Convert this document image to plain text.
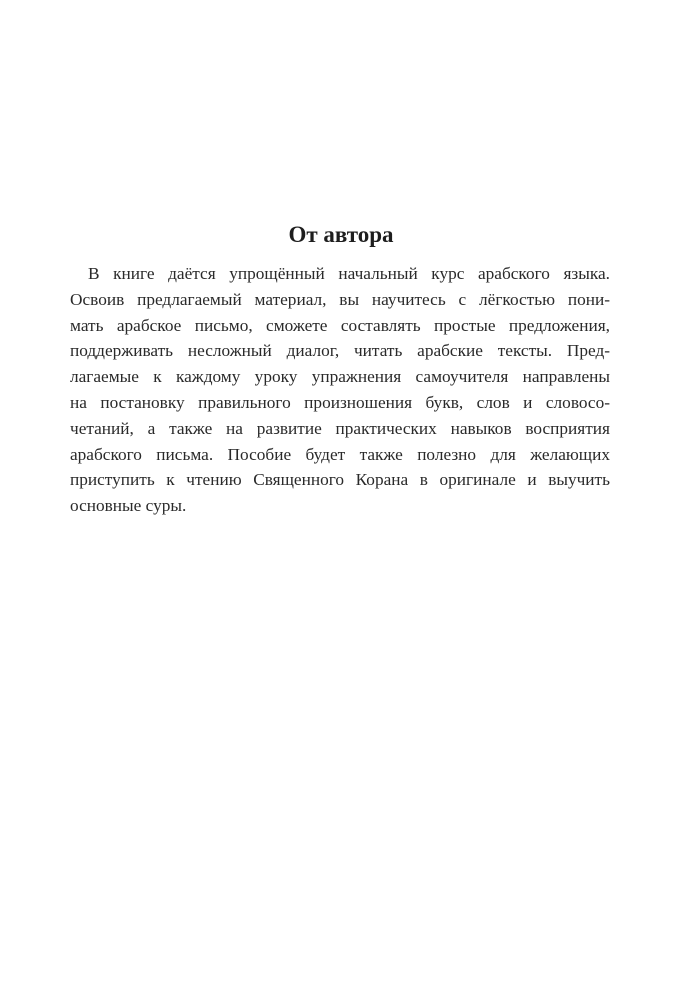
От автора
В книге даётся упрощённый начальный курс арабского языка.
Освоив предлагаемый материал, вы научитесь с лёгкостью пони-
мать арабское письмо, сможете составлять простые предложения,
поддерживать несложный диалог, читать арабские тексты. Пред-
лагаемые к каждому уроку упражнения самоучителя направлены
на постановку правильного произношения букв, слов и словосо-
четаний, а также на развитие практических навыков восприятия
арабского письма. Пособие будет также полезно для желающих
приступить к чтению Священного Корана в оригинале и выучить
основные суры.
